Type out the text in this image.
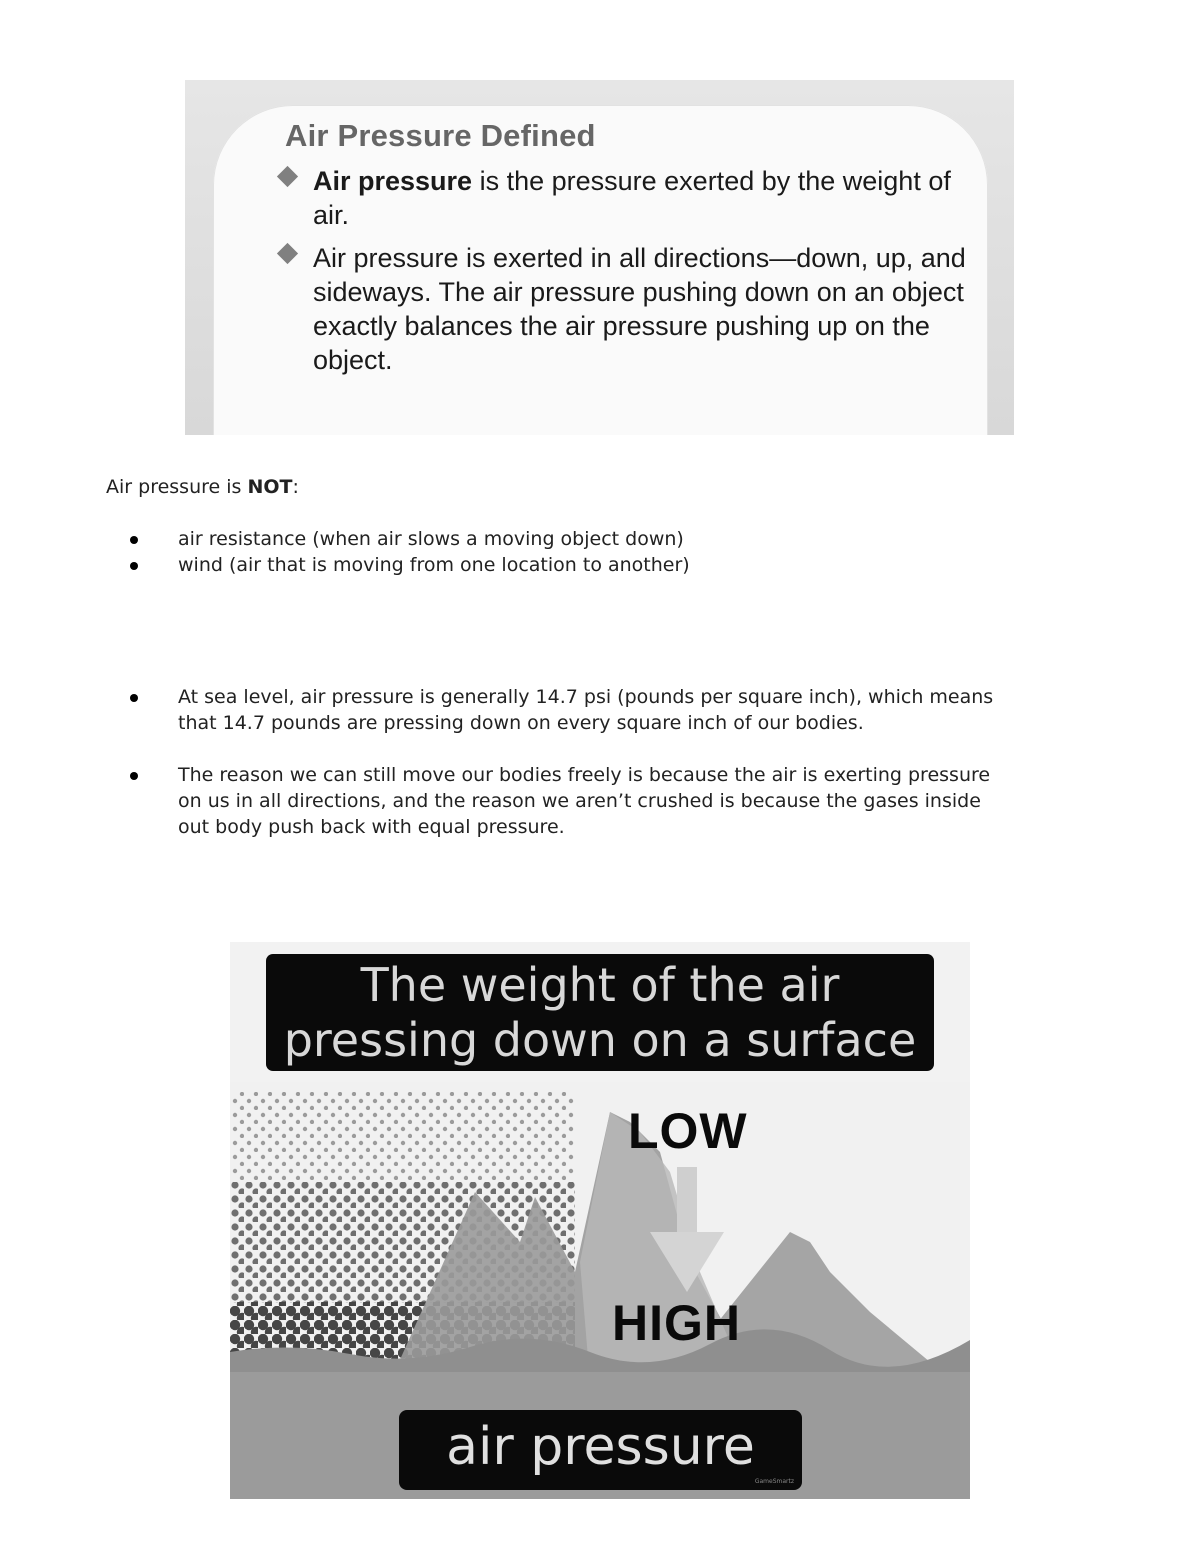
Air Pressure Defined
Air pressure is the pressure exerted by the weight of air.
Air pressure is exerted in all directions—down, up, and sideways. The air pressure pushing down on an object exactly balances the air pressure pushing up on the object.
Air pressure is NOT:
air resistance (when air slows a moving object down)
wind (air that is moving from one location to another)
At sea level, air pressure is generally 14.7 psi (pounds per square inch), which means that 14.7 pounds are pressing down on every square inch of our bodies.
The reason we can still move our bodies freely is because the air is exerting pressure on us in all directions, and the reason we aren’t crushed is because the gases inside out body push back with equal pressure.
The weight of the air
pressing down on a surface
LOW
HIGH
air pressure
GameSmartz
